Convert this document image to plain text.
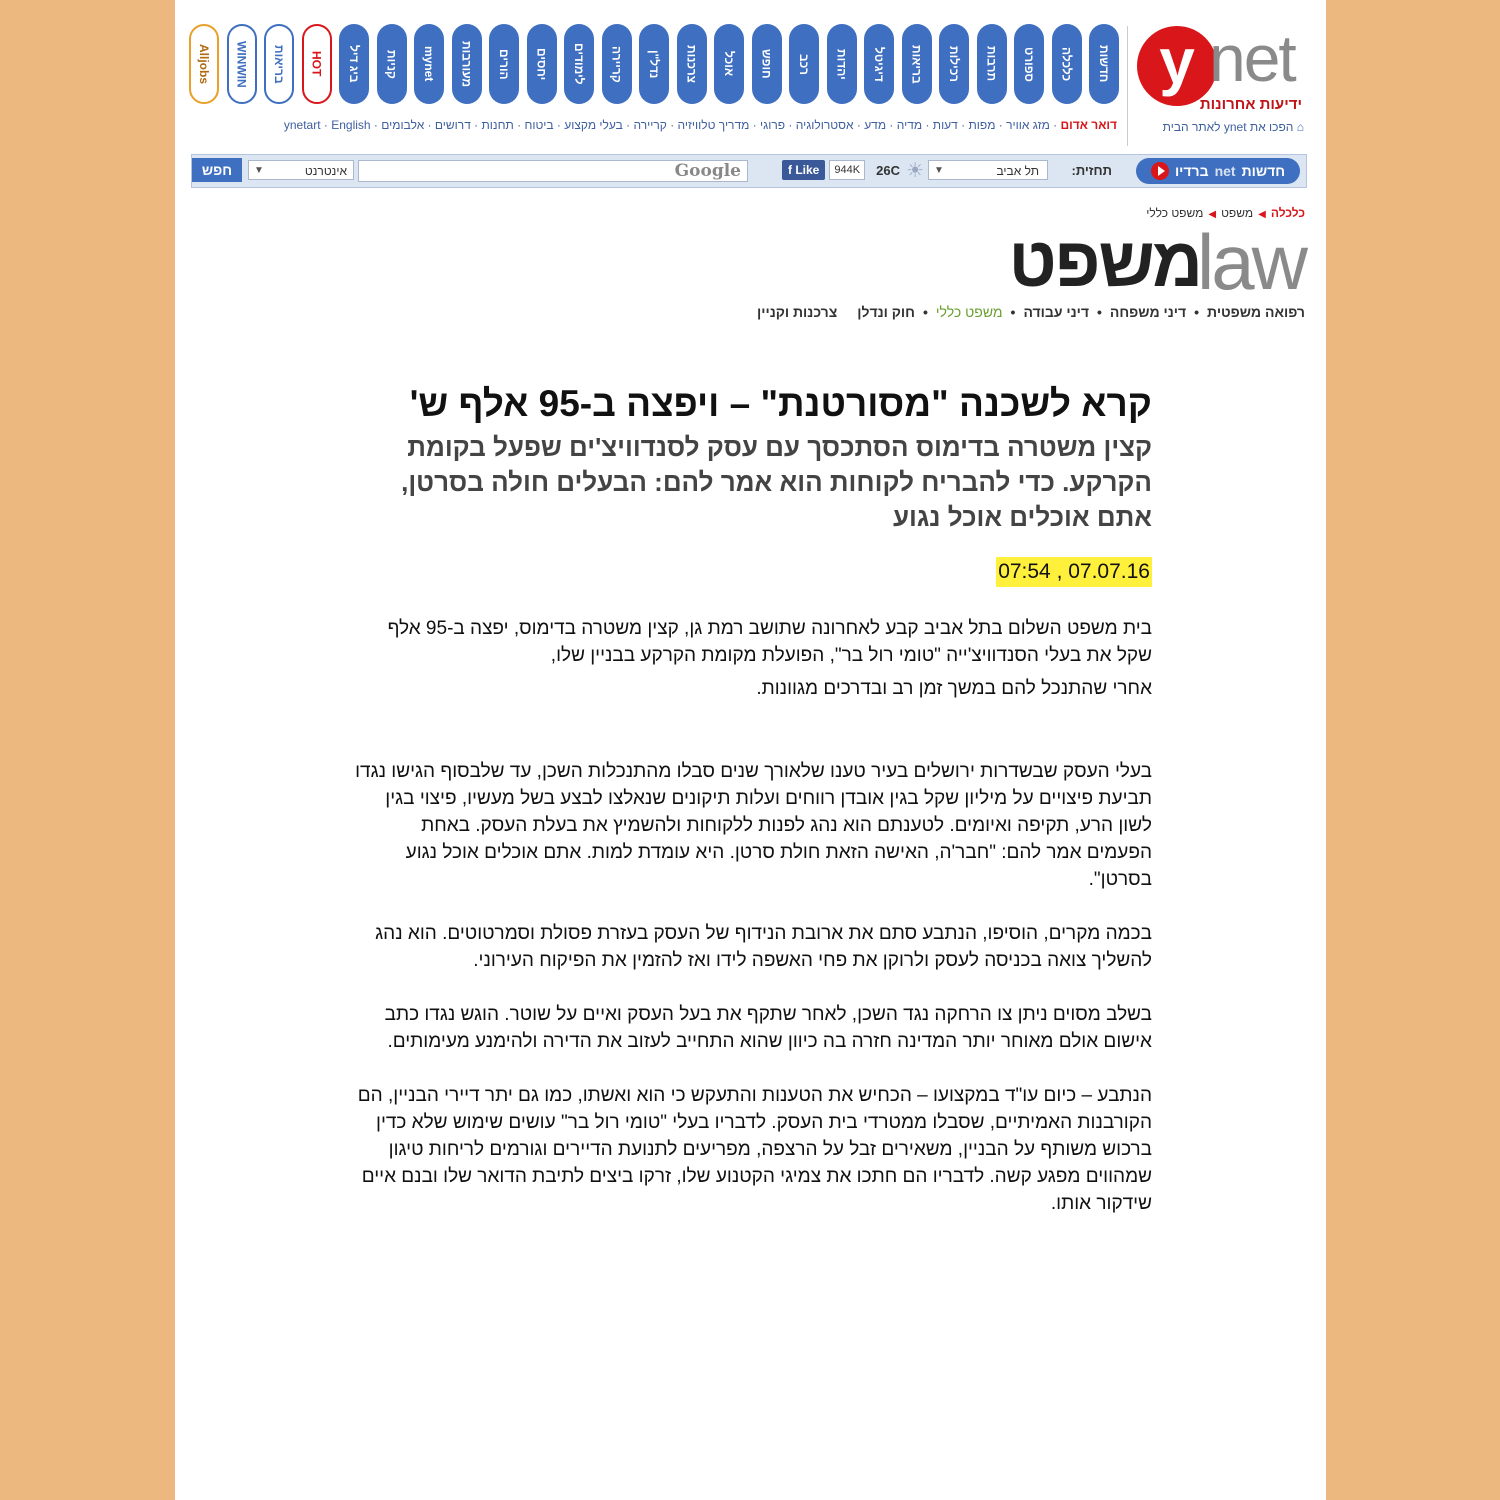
y net
ידיעות אחרונות
חדשות
כלכלה
ספורט
תרבות
רכילות
בריאות
דיגיטל
יהדות
רכב
חופש
אוכל
צרכנות
נדל"ן
קריירה
לימודים
יחסים
הורים
מעורבות
mynet
קניות
ביג דיל
HOT
בריאות
WINWIN
Alljobs
דואר אדום · מזג אוויר · מפות · דעות · מדיה · מדע · אסטרולוגיה · פרוגי · מדריך טלוויזיה · קריירה · בעלי מקצוע · ביטוח · תחנות · דרושים · אלבומים · ynetart · English	⌂ הפכו את ynet לאתר הבית
חדשות
net
ברדיו
תחזית:
תל אביב
▼
☀
26C
f Like	944K
Google
אינטרנט
▼
חפש
כלכלה◀משפט◀משפט כללי
משפט
law
רפואה משפטית•דיני משפחה•דיני עבודה•משפט כללי•חוק ונדלןצרכנות וקניין
קרא לשכנה "מסורטנת" – ויפצה ב-95 אלף ש'
קצין משטרה בדימוס הסתכסך עם עסק לסנדוויצ'ים שפעל בקומת הקרקע. כדי להבריח לקוחות הוא אמר להם: הבעלים חולה בסרטן, אתם אוכלים אוכל נגוע
07:54 , 07.07.16

בית משפט השלום בתל אביב קבע לאחרונה שתושב רמת גן, קצין משטרה בדימוס, יפצה ב-95 אלף שקל את בעלי הסנדוויצ'ייה "טומי רול בר", הפועלת מקומת הקרקע בבניין שלו,

אחרי שהתנכל להם במשך זמן רב ובדרכים מגוונות.

בעלי העסק שבשדרות ירושלים בעיר טענו שלאורך שנים סבלו מהתנכלות השכן, עד שלבסוף הגישו נגדו תביעת פיצויים על מיליון שקל בגין אובדן רווחים ועלות תיקונים שנאלצו לבצע בשל מעשיו, פיצוי בגין לשון הרע, תקיפה ואיומים. לטענתם הוא נהג לפנות ללקוחות ולהשמיץ את בעלת העסק. באחת הפעמים אמר להם: "חבר'ה, האישה הזאת חולת סרטן. היא עומדת למות. אתם אוכלים אוכל נגוע בסרטן".

בכמה מקרים, הוסיפו, הנתבע סתם את ארובת הנידוף של העסק בעזרת פסולת וסמרטוטים. הוא נהג להשליך צואה בכניסה לעסק ולרוקן את פחי האשפה לידו ואז להזמין את הפיקוח העירוני.

בשלב מסוים ניתן צו הרחקה נגד השכן, לאחר שתקף את בעל העסק ואיים על שוטר. הוגש נגדו כתב אישום אולם מאוחר יותר המדינה חזרה בה כיוון שהוא התחייב לעזוב את הדירה ולהימנע מעימותים.

הנתבע – כיום עו"ד במקצועו – הכחיש את הטענות והתעקש כי הוא ואשתו, כמו גם יתר דיירי הבניין, הם הקורבנות האמיתיים, שסבלו ממטרדי בית העסק. לדבריו בעלי "טומי רול בר" עושים שימוש שלא כדין ברכוש משותף על הבניין, משאירים זבל על הרצפה, מפריעים לתנועת הדיירים וגורמים לריחות טיגון שמהווים מפגע קשה. לדבריו הם חתכו את צמיגי הקטנוע שלו, זרקו ביצים לתיבת הדואר שלו ובנם איים שידקור אותו.
